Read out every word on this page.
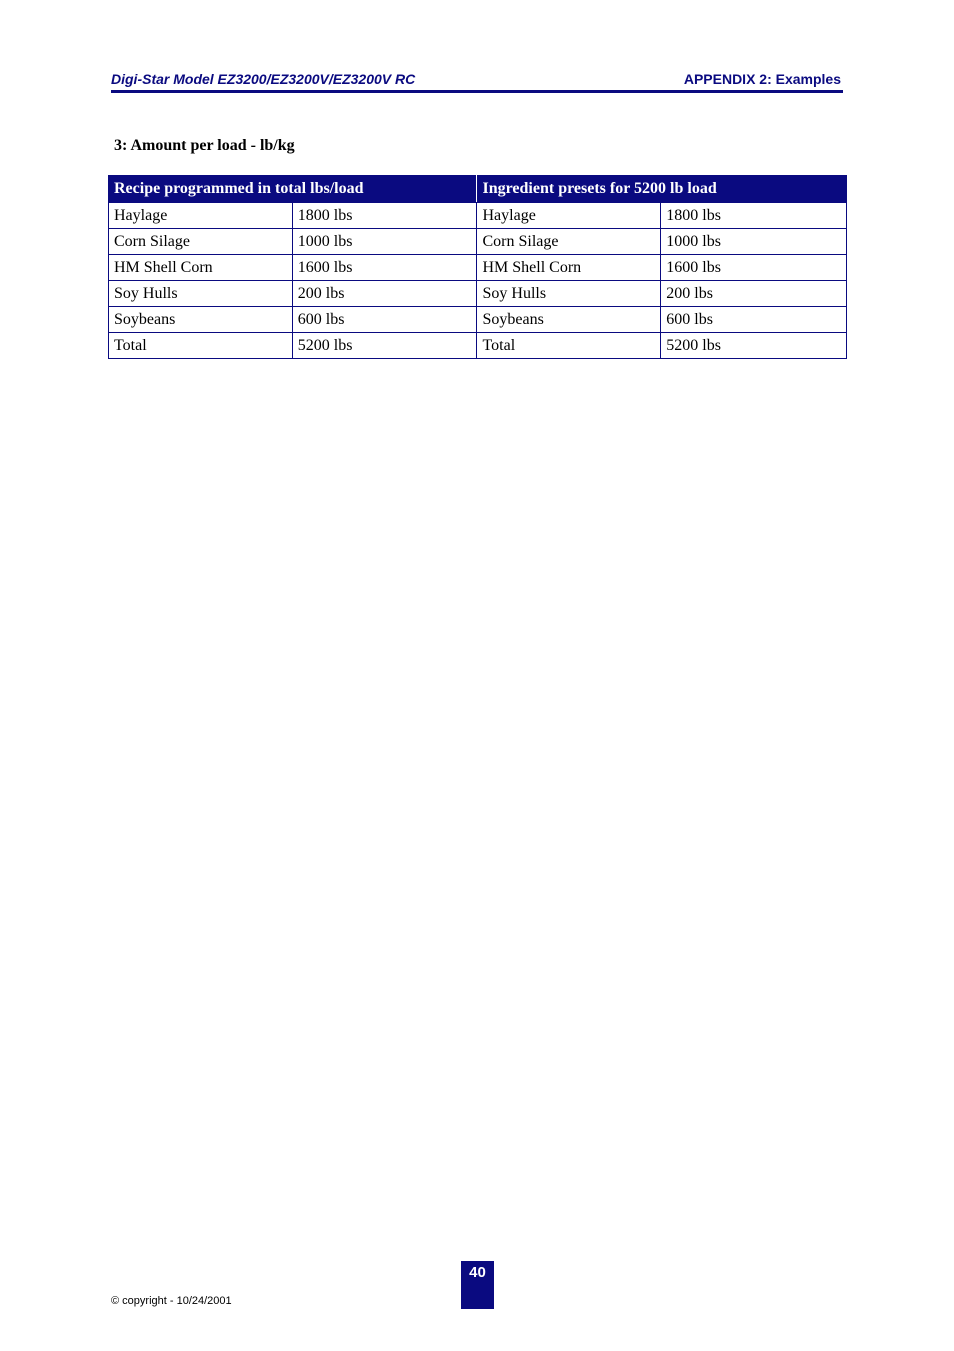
Digi-Star Model EZ3200/EZ3200V/EZ3200V RC	APPENDIX 2: Examples
3: Amount per load - lb/kg
Recipe programmed in total lbs/load		Ingredient presets for 5200 lb load	
Haylage	1800 lbs	Haylage	1800 lbs
Corn Silage	1000 lbs	Corn Silage	1000 lbs
HM Shell Corn	1600 lbs	HM Shell Corn	1600 lbs
Soy Hulls	200 lbs	Soy Hulls	200 lbs
Soybeans	600 lbs	Soybeans	600 lbs
Total	5200 lbs	Total	5200 lbs
40
© copyright - 10/24/2001
